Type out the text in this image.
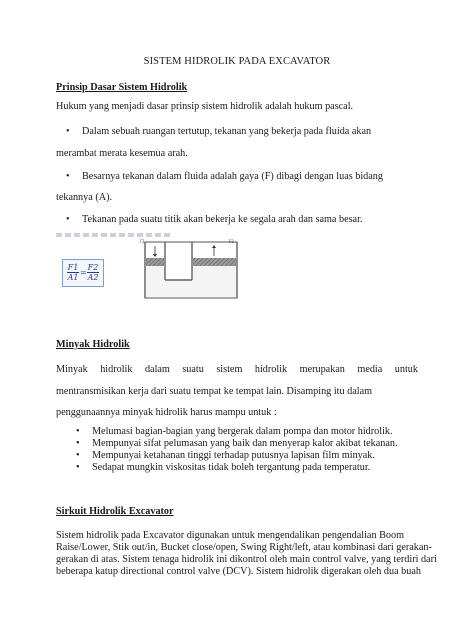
SISTEM HIDROLIK PADA EXCAVATOR
Prinsip Dasar Sistem Hidrolik
Hukum yang menjadi dasar prinsip sistem hidrolik adalah hukum pascal.
• Dalam sebuah ruangan tertutup, tekanan yang bekerja pada fluida akan
merambat merata kesemua arah.
• Besarnya tekanan dalam fluida adalah gaya (F) dibagi dengan luas bidang
tekannya (A).
• Tekanan pada suatu titik akan bekerja ke segala arah dan sama besar.
$\frac{F1}{A1} = \frac{F2}{A2}$
F1	F2
Minyak Hidrolik
Minyak hidrolik dalam suatu sistem hidrolik merupakan media untuk
mentransmisikan kerja dari suatu tempat ke tempat lain. Disamping itu dalam
penggunaannya minyak hidrolik harus mampu untuk :
• Melumasi bagian-bagian yang bergerak dalam pompa dan motor hidrolik.
• Mempunyai sifat pelumasan yang baik dan menyerap kalor akibat tekanan.
• Mempunyai ketahanan tinggi terhadap putusnya lapisan film minyak.
• Sedapat mungkin viskositas tidak boleh tergantung pada temperatur.
Sirkuit Hidrolik Excavator
Sistem hidrolik pada Excavator digunakan untuk mengendalikan pengendalian Boom
Raise/Lower, Stik out/in, Bucket close/open, Swing Right/left, atau kombinasi dari gerakan-
gerakan di atas. Sistem tenaga hidrolik ini dikontrol oleh main control valve, yang terdiri dari
beberapa katup directional control valve (DCV). Sistem hidrolik digerakan oleh dua buah
